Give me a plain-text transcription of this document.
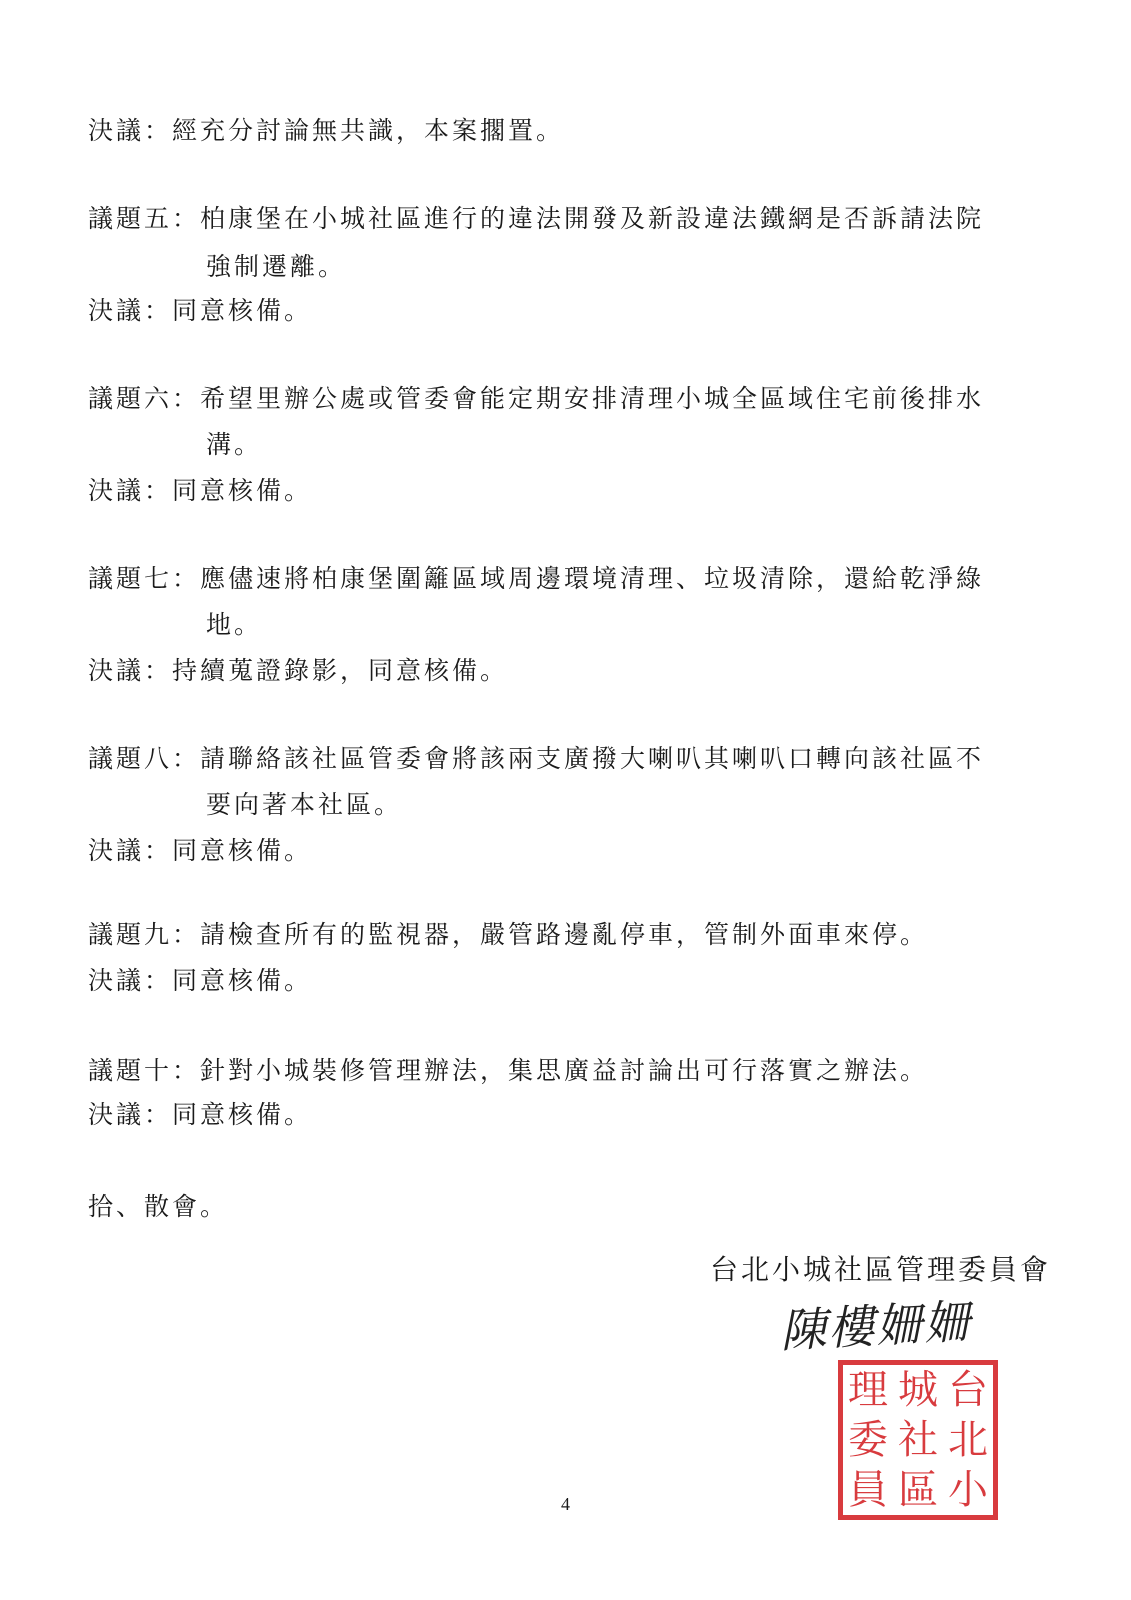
決議：經充分討論無共識，本案擱置。
議題五：柏康堡在小城社區進行的違法開發及新設違法鐵網是否訴請法院
強制遷離。
決議：同意核備。
議題六：希望里辦公處或管委會能定期安排清理小城全區域住宅前後排水
溝。
決議：同意核備。
議題七：應儘速將柏康堡圍籬區域周邊環境清理、垃圾清除，還給乾淨綠
地。
決議：持續蒐證錄影，同意核備。
議題八：請聯絡該社區管委會將該兩支廣撥大喇叭其喇叭口轉向該社區不
要向著本社區。
決議：同意核備。
議題九：請檢查所有的監視器，嚴管路邊亂停車，管制外面車來停。
決議：同意核備。
議題十：針對小城裝修管理辦法，集思廣益討論出可行落實之辦法。
決議：同意核備。
拾、散會。
台北小城社區管理委員會
陳樓姍姍
理 城 台
委 社 北
員 區 小
4
